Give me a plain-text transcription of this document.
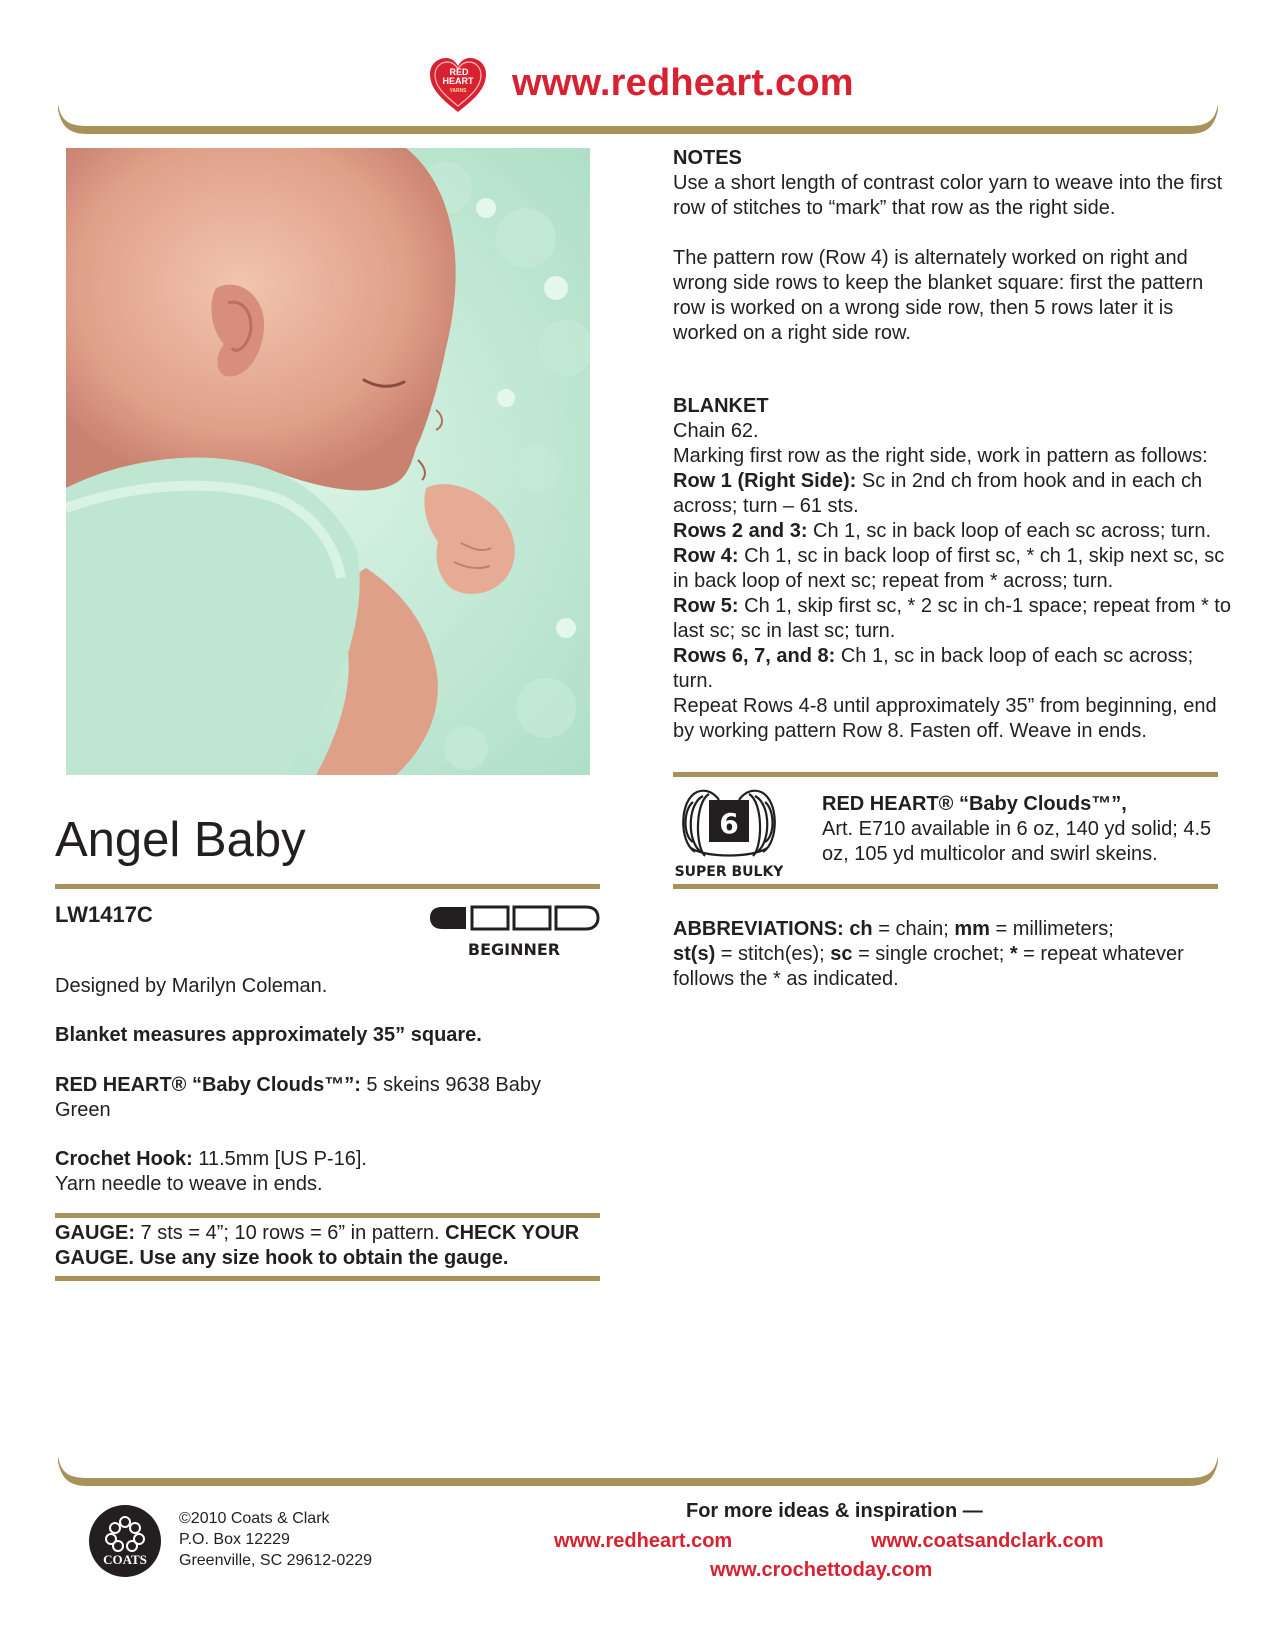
RED
HEART
YARNS www.redheart.com
Angel Baby
LW1417C
BEGINNER
Designed by Marilyn Coleman.
Blanket measures approximately 35” square.
RED HEART® “Baby Clouds™”: 5 skeins 9638 Baby Green
Crochet Hook: 11.5mm [US P-16].
Yarn needle to weave in ends.
GAUGE: 7 sts = 4”; 10 rows = 6” in pattern. CHECK YOUR GAUGE. Use any size hook to obtain the gauge.
NOTES
Use a short length of contrast color yarn to weave into the first row of stitches to “mark” that row as the right side.

The pattern row (Row 4) is alternately worked on right and wrong side rows to keep the blanket square: first the pattern row is worked on a wrong side row, then 5 rows later it is worked on a right side row.
BLANKET
Chain 62.
Marking first row as the right side, work in pattern as follows:
Row 1 (Right Side): Sc in 2nd ch from hook and in each ch across; turn – 61 sts.
Rows 2 and 3: Ch 1, sc in back loop of each sc across; turn.
Row 4: Ch 1, sc in back loop of first sc, * ch 1, skip next sc, sc in back loop of next sc; repeat from * across; turn.
Row 5: Ch 1, skip first sc, * 2 sc in ch-1 space; repeat from * to last sc; sc in last sc; turn.
Rows 6, 7, and 8: Ch 1, sc in back loop of each sc across; turn.
Repeat Rows 4-8 until approximately 35” from beginning, end by working pattern Row 8. Fasten off. Weave in ends.
6
SUPER BULKY
RED HEART® “Baby Clouds™”,
Art. E710 available in 6 oz, 140 yd solid; 4.5 oz, 105 yd multicolor and swirl skeins.
ABBREVIATIONS: ch = chain; mm = millimeters;
st(s) = stitch(es); sc = single crochet; * = repeat whatever follows the * as indicated.
COATS
©2010 Coats & Clark
P.O. Box 12229
Greenville, SC 29612-0229
For more ideas & inspiration —
www.redheart.com	www.coatsandclark.com
www.crochettoday.com
